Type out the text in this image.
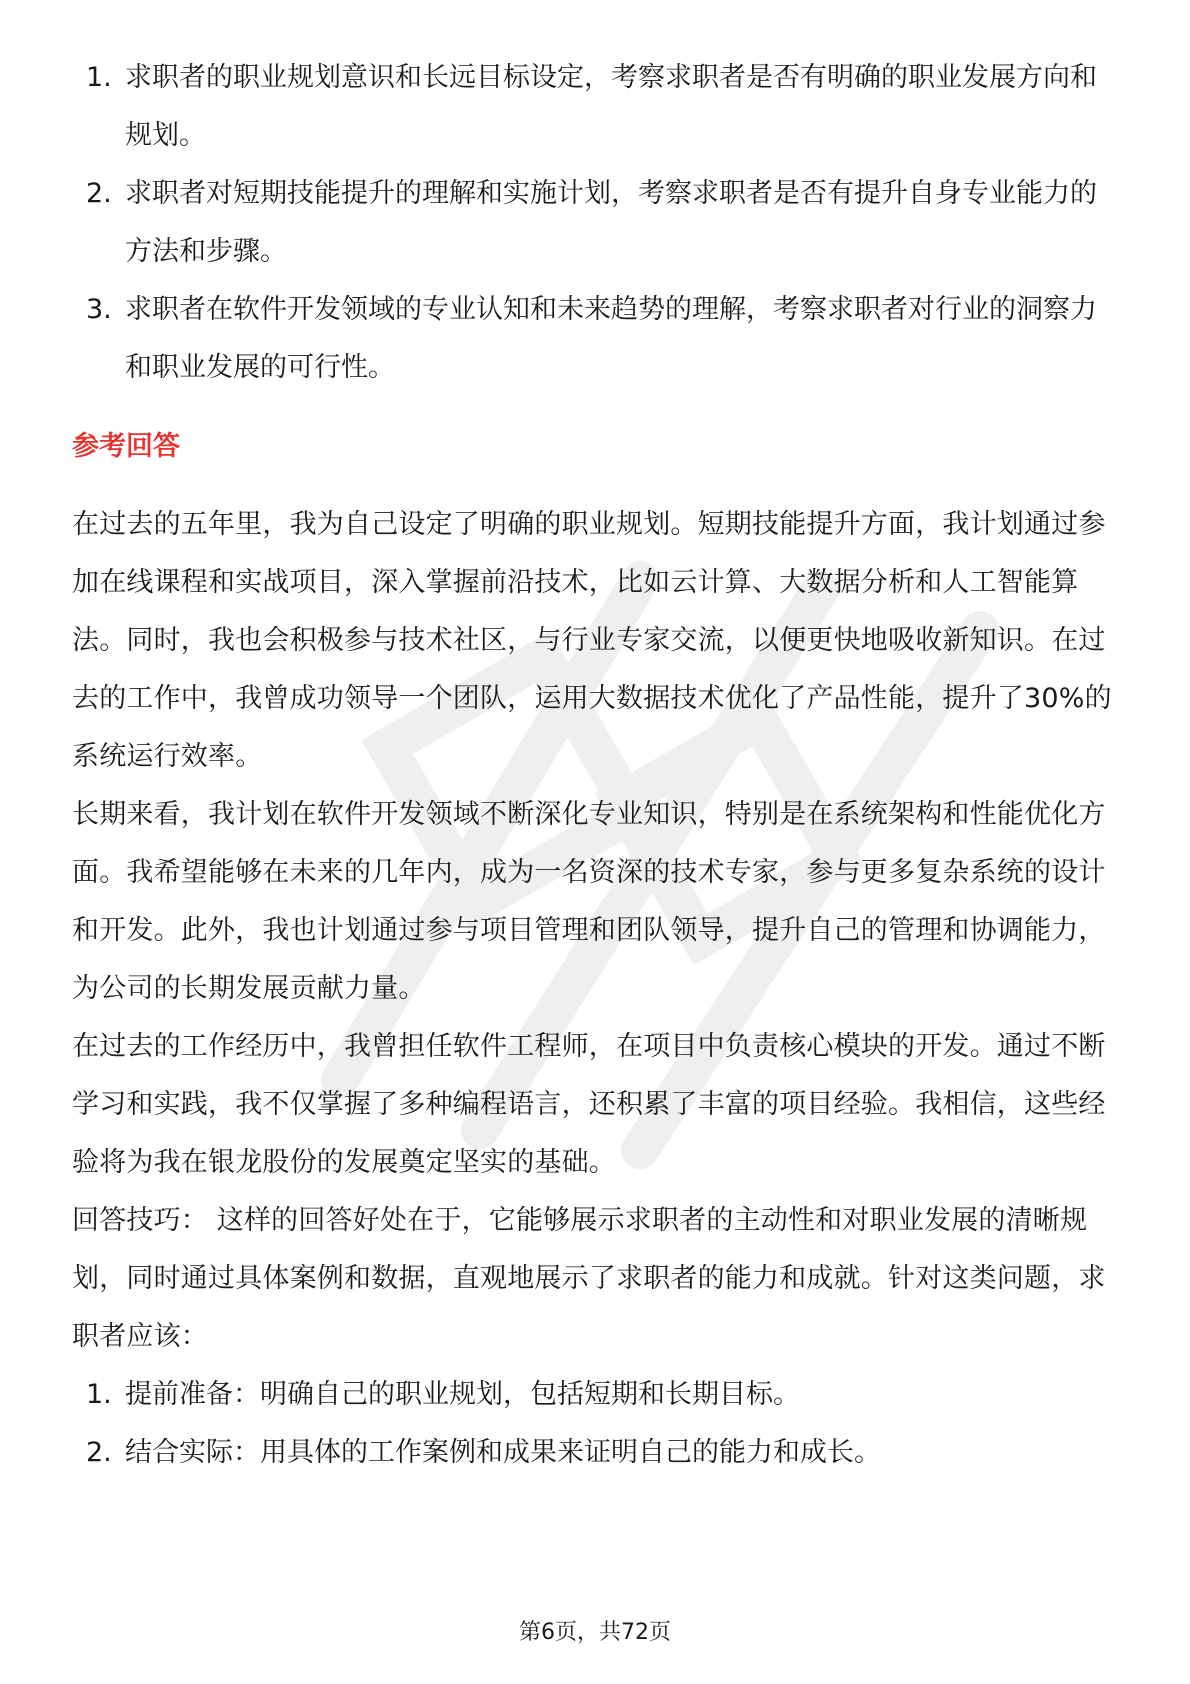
1. 求职者的职业规划意识和长远目标设定，考察求职者是否有明确的职业发展方向和规划。
2. 求职者对短期技能提升的理解和实施计划，考察求职者是否有提升自身专业能力的方法和步骤。
3. 求职者在软件开发领域的专业认知和未来趋势的理解，考察求职者对行业的洞察力和职业发展的可行性。
参考回答

在过去的五年里，我为自己设定了明确的职业规划。短期技能提升方面，我计划通过参加在线课程和实战项目，深入掌握前沿技术，比如云计算、大数据分析和人工智能算法。同时，我也会积极参与技术社区，与行业专家交流，以便更快地吸收新知识。在过去的工作中，我曾成功领导一个团队，运用大数据技术优化了产品性能，提升了30%的系统运行效率。

长期来看，我计划在软件开发领域不断深化专业知识，特别是在系统架构和性能优化方面。我希望能够在未来的几年内，成为一名资深的技术专家，参与更多复杂系统的设计和开发。此外，我也计划通过参与项目管理和团队领导，提升自己的管理和协调能力，为公司的长期发展贡献力量。

在过去的工作经历中，我曾担任软件工程师，在项目中负责核心模块的开发。通过不断学习和实践，我不仅掌握了多种编程语言，还积累了丰富的项目经验。我相信，这些经验将为我在银龙股份的发展奠定坚实的基础。

回答技巧： 这样的回答好处在于，它能够展示求职者的主动性和对职业发展的清晰规划，同时通过具体案例和数据，直观地展示了求职者的能力和成就。针对这类问题，求职者应该：

1. 提前准备：明确自己的职业规划，包括短期和长期目标。
2. 结合实际：用具体的工作案例和成果来证明自己的能力和成长。
第6页，共72页
